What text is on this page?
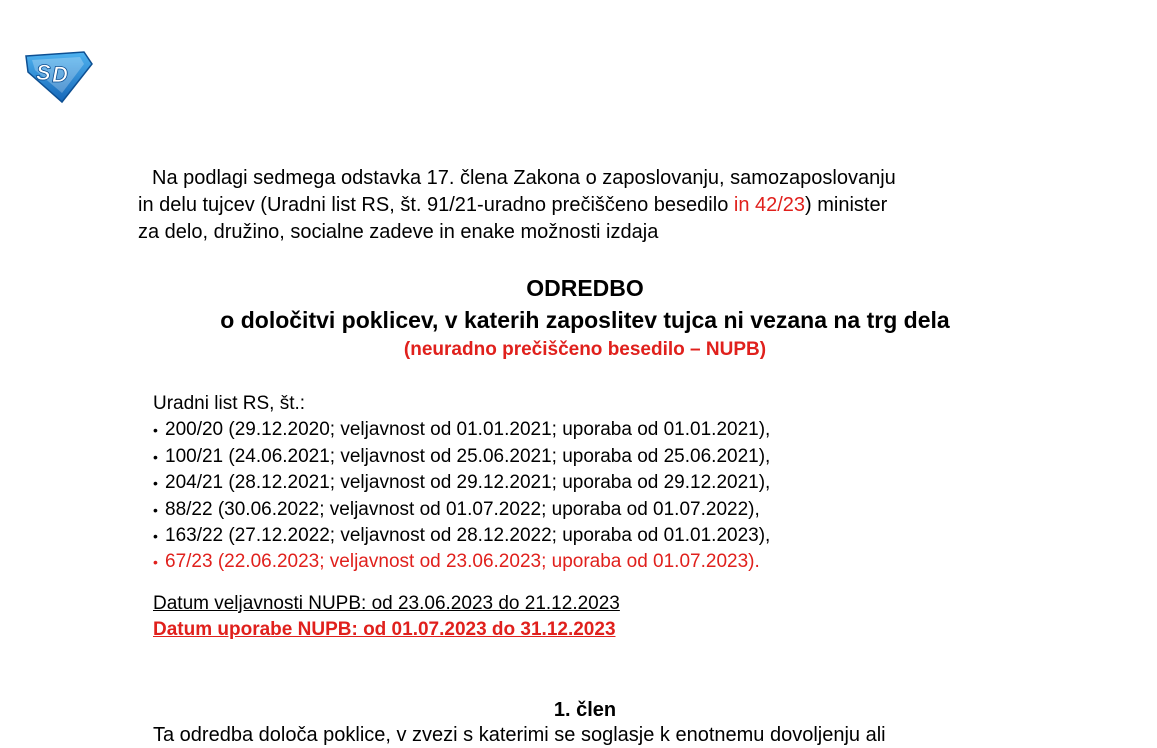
S D
Na podlagi sedmega odstavka 17. člena Zakona o zaposlovanju, samozaposlovanju
in delu tujcev (Uradni list RS, št. 91/21-uradno prečiščeno besedilo in 42/23) minister
za delo, družino, socialne zadeve in enake možnosti izdaja
ODREDBO
o določitvi poklicev, v katerih zaposlitev tujca ni vezana na trg dela
(neuradno prečiščeno besedilo – NUPB)
Uradni list RS, št.:
• 200/20 (29.12.2020; veljavnost od 01.01.2021; uporaba od 01.01.2021),
• 100/21 (24.06.2021; veljavnost od 25.06.2021; uporaba od 25.06.2021),
• 204/21 (28.12.2021; veljavnost od 29.12.2021; uporaba od 29.12.2021),
• 88/22 (30.06.2022; veljavnost od 01.07.2022; uporaba od 01.07.2022),
• 163/22 (27.12.2022; veljavnost od 28.12.2022; uporaba od 01.01.2023),
• 67/23 (22.06.2023; veljavnost od 23.06.2023; uporaba od 01.07.2023).
Datum veljavnosti NUPB: od 23.06.2023 do 21.12.2023
Datum uporabe NUPB: od 01.07.2023 do 31.12.2023
1. člen
Ta odredba določa poklice, v zvezi s katerimi se soglasje k enotnemu dovoljenju ali
